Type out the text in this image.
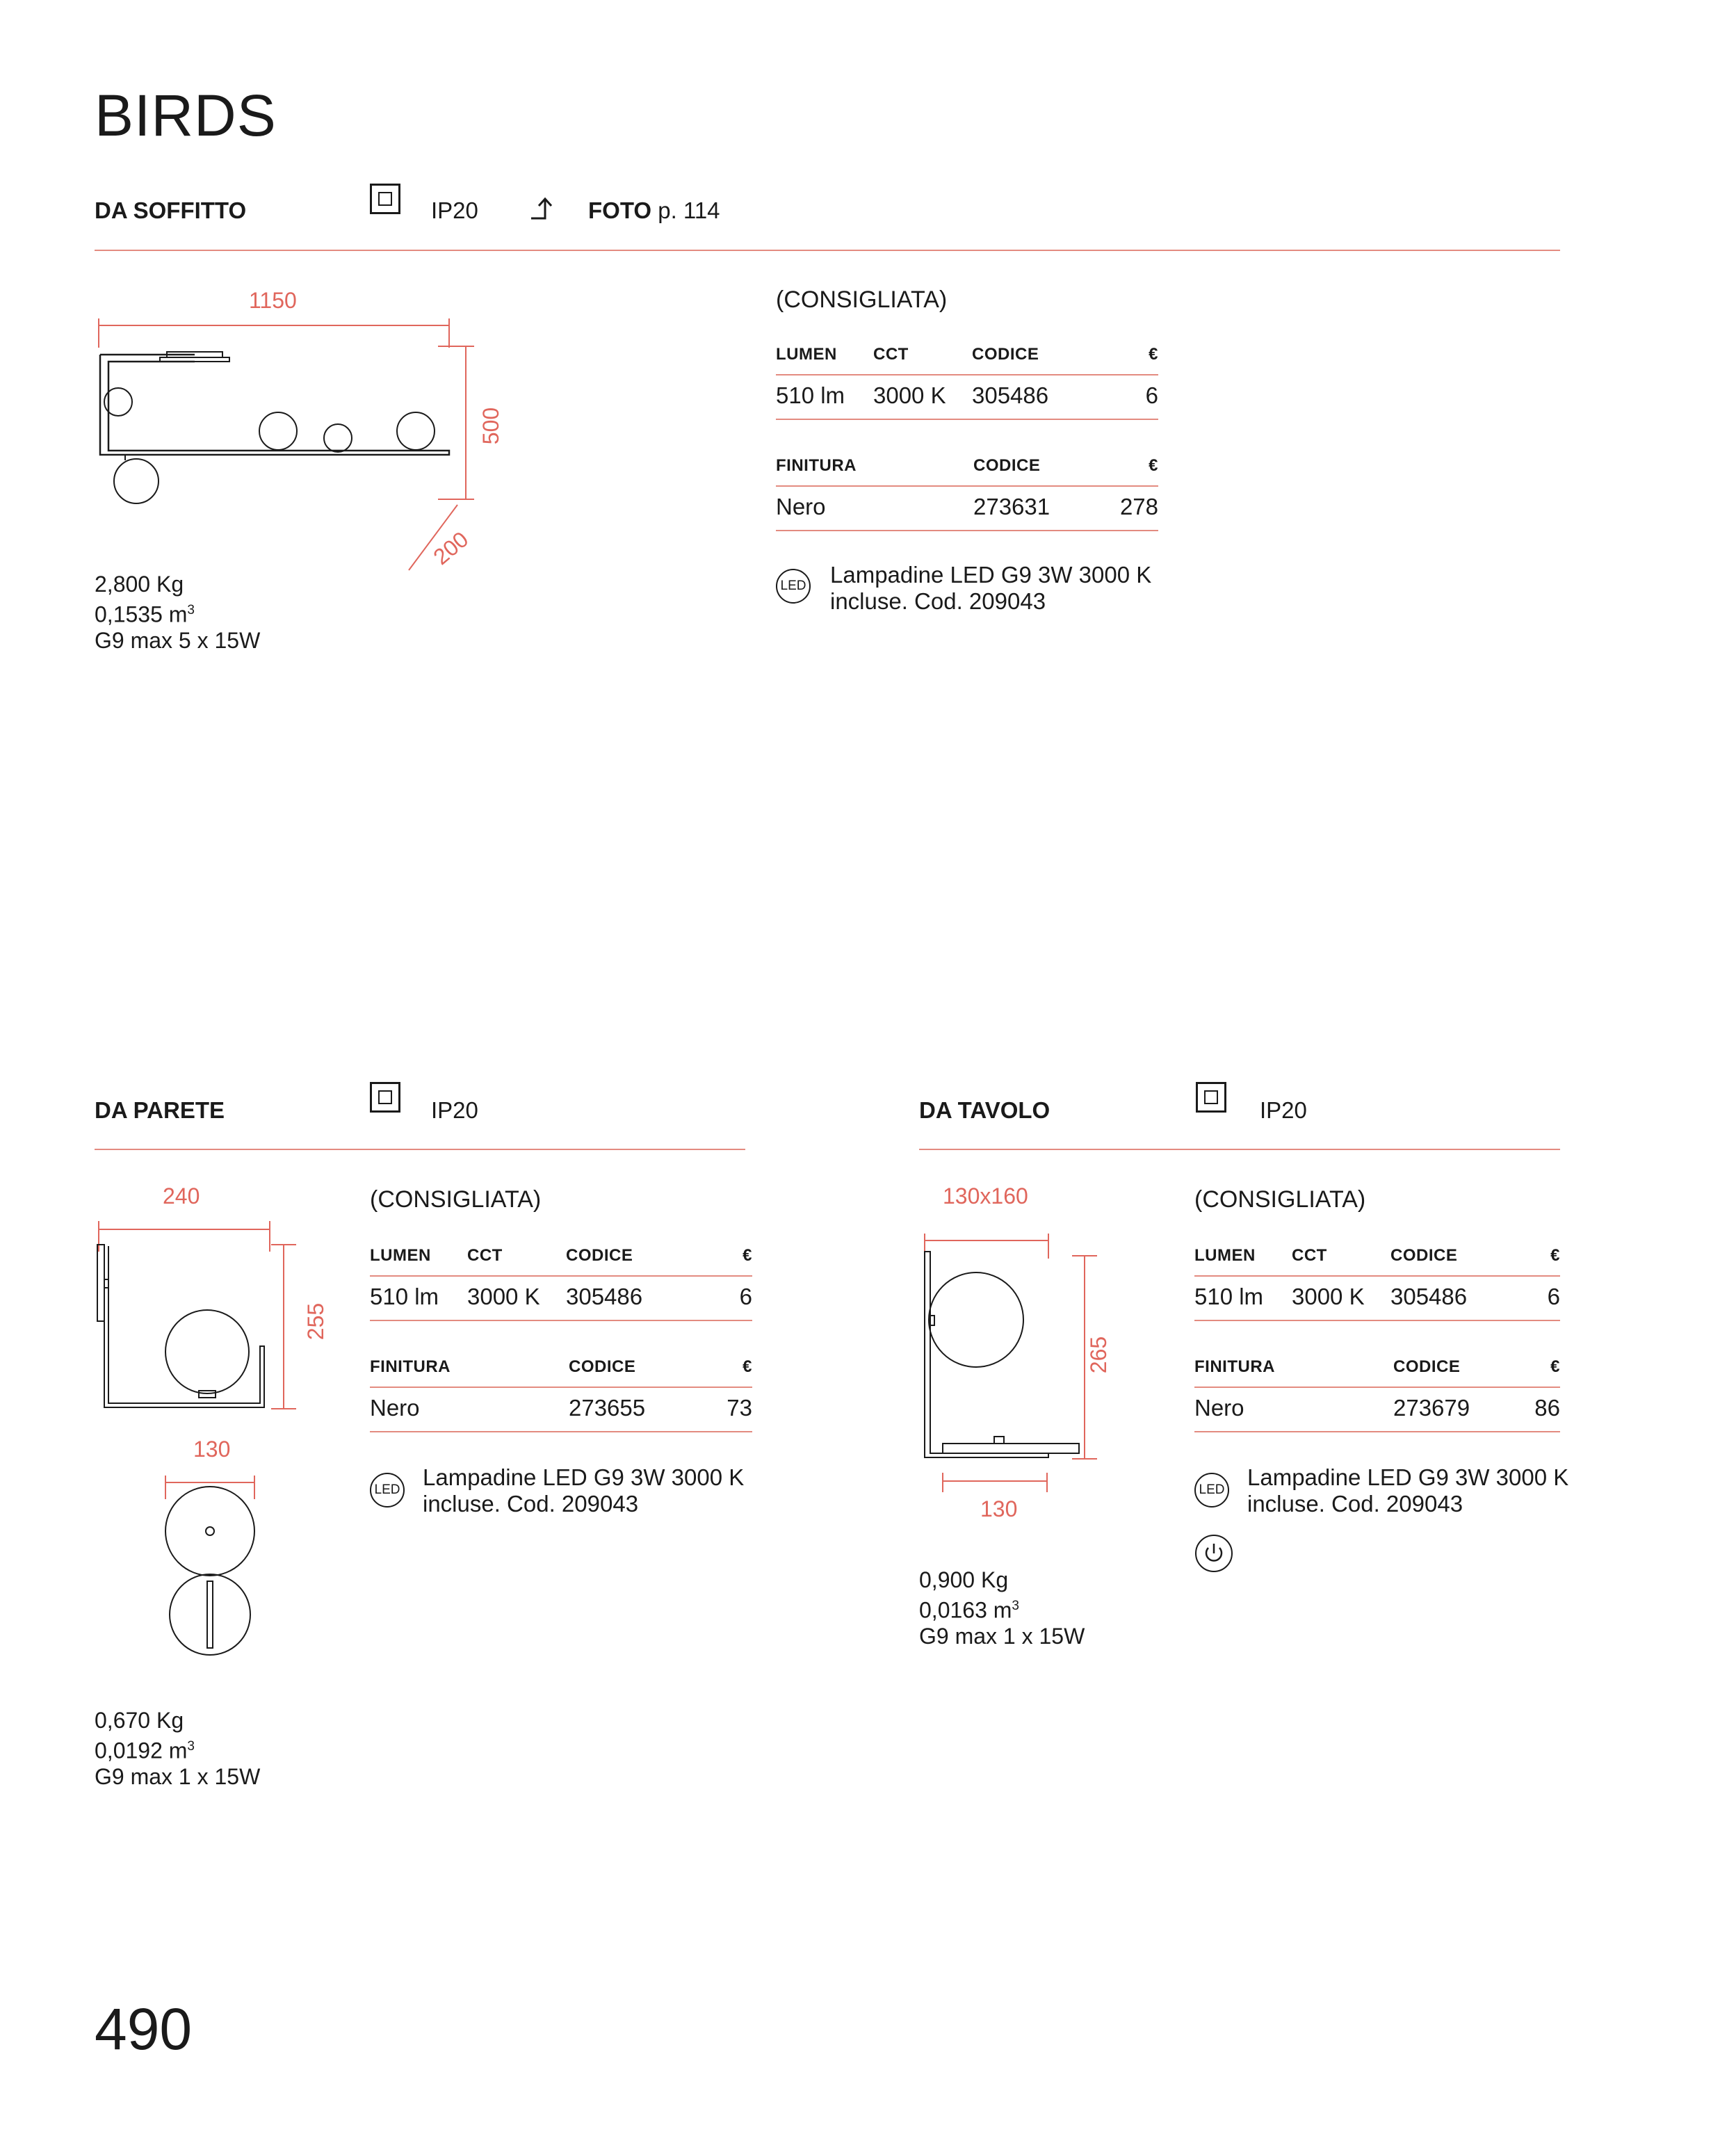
BIRDS
DA SOFFITTO	IP20	FOTO p. 114
1150
500
200
2,800 Kg
0,1535 $m^3$
G9 max 5 x 15W
(CONSIGLIATA)
LUMEN	CCT	CODICE	€
510 lm	3000 K	305486	6
FINITURA	CODICE	€
Nero	273631	278
LED Lampadine LED G9 3W 3000 K
incluse. Cod. 209043
DA PARETE	IP20
240
255
130
0,670 Kg
0,0192 $m^3$
G9 max 1 x 15W
(CONSIGLIATA)
LUMEN	CCT	CODICE	€
510 lm	3000 K	305486	6
FINITURA	CODICE	€
Nero	273655	73
LED Lampadine LED G9 3W 3000 K
incluse. Cod. 209043
DA TAVOLO	IP20
130x160
265
130
0,900 Kg
0,0163 $m^3$
G9 max 1 x 15W
(CONSIGLIATA)
LUMEN	CCT	CODICE	€
510 lm	3000 K	305486	6
FINITURA	CODICE	€
Nero	273679	86
LED Lampadine LED G9 3W 3000 K
incluse. Cod. 209043
490
